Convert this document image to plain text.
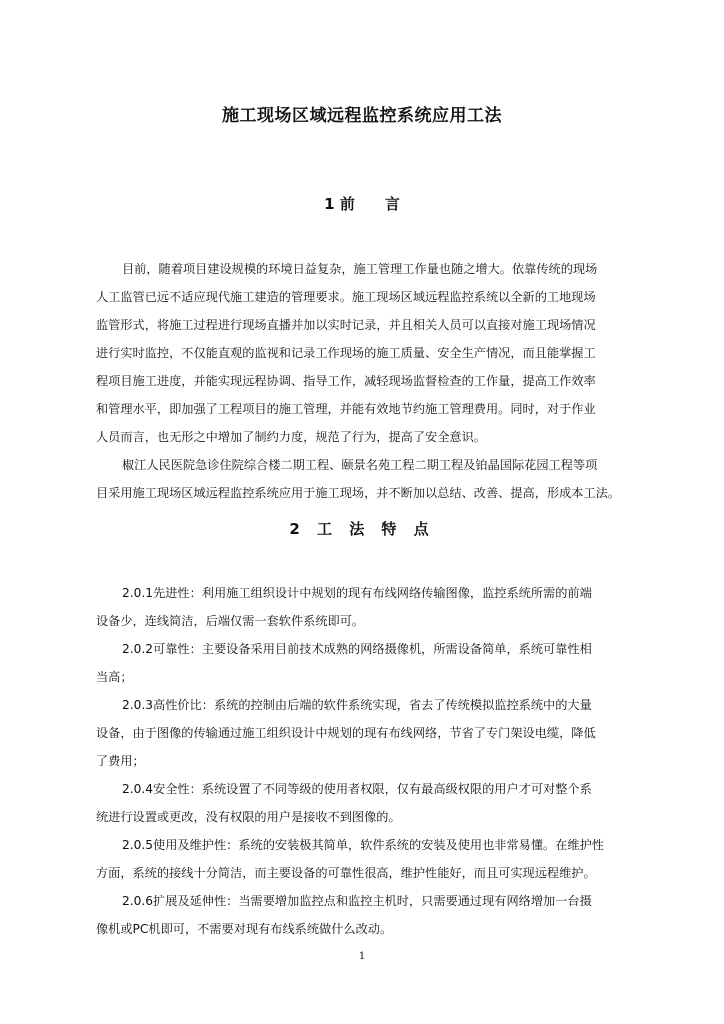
施工现场区域远程监控系统应用工法
1 前　　言

目前，随着项目建设规模的环境日益复杂，施工管理工作量也随之增大。依靠传统的现场

人工监管已远不适应现代施工建造的管理要求。施工现场区域远程监控系统以全新的工地现场

监管形式，将施工过程进行现场直播并加以实时记录，并且相关人员可以直接对施工现场情况

进行实时监控，不仅能直观的监视和记录工作现场的施工质量、安全生产情况，而且能掌握工

程项目施工进度，并能实现远程协调、指导工作，减轻现场监督检查的工作量，提高工作效率

和管理水平，即加强了工程项目的施工管理，并能有效地节约施工管理费用。同时，对于作业

人员而言，也无形之中增加了制约力度，规范了行为，提高了安全意识。

椒江人民医院急诊住院综合楼二期工程、颐景名苑工程二期工程及铂晶国际花园工程等项

目采用施工现场区域远程监控系统应用于施工现场，并不断加以总结、改善、提高，形成本工法。

2 工 法 特 点

2.0.1先进性：利用施工组织设计中规划的现有布线网络传输图像，监控系统所需的前端

设备少，连线简洁，后端仅需一套软件系统即可。

2.0.2可靠性：主要设备采用目前技术成熟的网络摄像机，所需设备简单，系统可靠性相

当高；

2.0.3高性价比：系统的控制由后端的软件系统实现，省去了传统模拟监控系统中的大量

设备，由于图像的传输通过施工组织设计中规划的现有布线网络，节省了专门架设电缆，降低

了费用；

2.0.4安全性：系统设置了不同等级的使用者权限，仅有最高级权限的用户才可对整个系

统进行设置或更改，没有权限的用户是接收不到图像的。

2.0.5使用及维护性：系统的安装极其简单，软件系统的安装及使用也非常易懂。在维护性

方面，系统的接线十分简洁，而主要设备的可靠性很高，维护性能好，而且可实现远程维护。

2.0.6扩展及延伸性：当需要增加监控点和监控主机时，只需要通过现有网络增加一台摄

像机或PC机即可，不需要对现有布线系统做什么改动。

1
